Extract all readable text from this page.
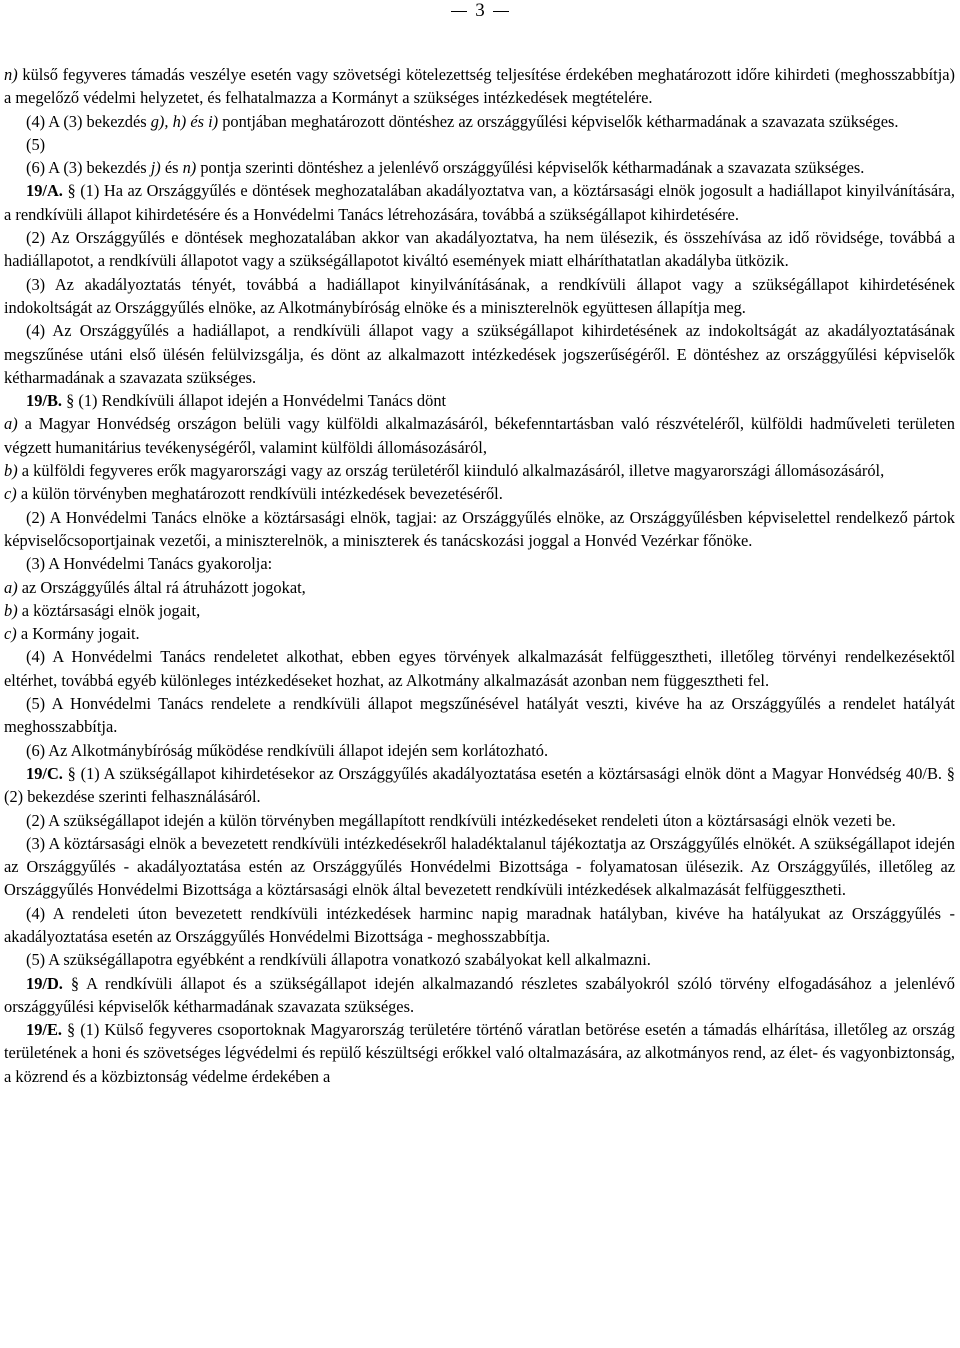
3

n) külső fegyveres támadás veszélye esetén vagy szövetségi kötelezettség teljesítése érdekében meghatározott időre kihirdeti (meghosszabbítja) a megelőző védelmi helyzetet, és felhatalmazza a Kormányt a szükséges intézkedések megtételére.

(4) A (3) bekezdés g), h) és i) pontjában meghatározott döntéshez az országgyűlési képviselők kétharmadának a szavazata szükséges.

(5)

(6) A (3) bekezdés j) és n) pontja szerinti döntéshez a jelenlévő országgyűlési képviselők kétharmadának a szavazata szükséges.

19/A. § (1) Ha az Országgyűlés e döntések meghozatalában akadályoztatva van, a köztársasági elnök jogosult a hadiállapot kinyilvánítására, a rendkívüli állapot kihirdetésére és a Honvédelmi Tanács létrehozására, továbbá a szükségállapot kihirdetésére.

(2) Az Országgyűlés e döntések meghozatalában akkor van akadályoztatva, ha nem ülésezik, és összehívása az idő rövidsége, továbbá a hadiállapotot, a rendkívüli állapotot vagy a szükségállapotot kiváltó események miatt elháríthatatlan akadályba ütközik.

(3) Az akadályoztatás tényét, továbbá a hadiállapot kinyilvánításának, a rendkívüli állapot vagy a szükségállapot kihirdetésének indokoltságát az Országgyűlés elnöke, az Alkotmánybíróság elnöke és a miniszterelnök együttesen állapítja meg.

(4) Az Országgyűlés a hadiállapot, a rendkívüli állapot vagy a szükségállapot kihirdetésének az indokoltságát az akadályoztatásának megszűnése utáni első ülésén felülvizsgálja, és dönt az alkalmazott intézkedések jogszerűségéről. E döntéshez az országgyűlési képviselők kétharmadának a szavazata szükséges.

19/B. § (1) Rendkívüli állapot idején a Honvédelmi Tanács dönt

a) a Magyar Honvédség országon belüli vagy külföldi alkalmazásáról, békefenntartásban való részvételéről, külföldi hadműveleti területen végzett humanitárius tevékenységéről, valamint külföldi állomásozásáról,

b) a külföldi fegyveres erők magyarországi vagy az ország területéről kiinduló alkalmazásáról, illetve magyarországi állomásozásáról,

c) a külön törvényben meghatározott rendkívüli intézkedések bevezetéséről.

(2) A Honvédelmi Tanács elnöke a köztársasági elnök, tagjai: az Országgyűlés elnöke, az Országgyűlésben képviselettel rendelkező pártok képviselőcsoportjainak vezetői, a miniszterelnök, a miniszterek és tanácskozási joggal a Honvéd Vezérkar főnöke.

(3) A Honvédelmi Tanács gyakorolja:

a) az Országgyűlés által rá átruházott jogokat,

b) a köztársasági elnök jogait,

c) a Kormány jogait.

(4) A Honvédelmi Tanács rendeletet alkothat, ebben egyes törvények alkalmazását felfüggesztheti, illetőleg törvényi rendelkezésektől eltérhet, továbbá egyéb különleges intézkedéseket hozhat, az Alkotmány alkalmazását azonban nem függesztheti fel.

(5) A Honvédelmi Tanács rendelete a rendkívüli állapot megszűnésével hatályát veszti, kivéve ha az Országgyűlés a rendelet hatályát meghosszabbítja.

(6) Az Alkotmánybíróság működése rendkívüli állapot idején sem korlátozható.

19/C. § (1) A szükségállapot kihirdetésekor az Országgyűlés akadályoztatása esetén a köztársasági elnök dönt a Magyar Honvédség 40/B. § (2) bekezdése szerinti felhasználásáról.

(2) A szükségállapot idején a külön törvényben megállapított rendkívüli intézkedéseket rendeleti úton a köztársasági elnök vezeti be.

(3) A köztársasági elnök a bevezetett rendkívüli intézkedésekről haladéktalanul tájékoztatja az Országgyűlés elnökét. A szükségállapot idején az Országgyűlés - akadályoztatása estén az Országgyűlés Honvédelmi Bizottsága - folyamatosan ülésezik. Az Országgyűlés, illetőleg az Országgyűlés Honvédelmi Bizottsága a köztársasági elnök által bevezetett rendkívüli intézkedések alkalmazását felfüggesztheti.

(4) A rendeleti úton bevezetett rendkívüli intézkedések harminc napig maradnak hatályban, kivéve ha hatályukat az Országgyűlés - akadályoztatása esetén az Országgyűlés Honvédelmi Bizottsága - meghosszabbítja.

(5) A szükségállapotra egyébként a rendkívüli állapotra vonatkozó szabályokat kell alkalmazni.

19/D. § A rendkívüli állapot és a szükségállapot idején alkalmazandó részletes szabályokról szóló törvény elfogadásához a jelenlévő országgyűlési képviselők kétharmadának szavazata szükséges.

19/E. § (1) Külső fegyveres csoportoknak Magyarország területére történő váratlan betörése esetén a támadás elhárítása, illetőleg az ország területének a honi és szövetséges légvédelmi és repülő készültségi erőkkel való oltalmazására, az alkotmányos rend, az élet- és vagyonbiztonság, a közrend és a közbiztonság védelme érdekében a
